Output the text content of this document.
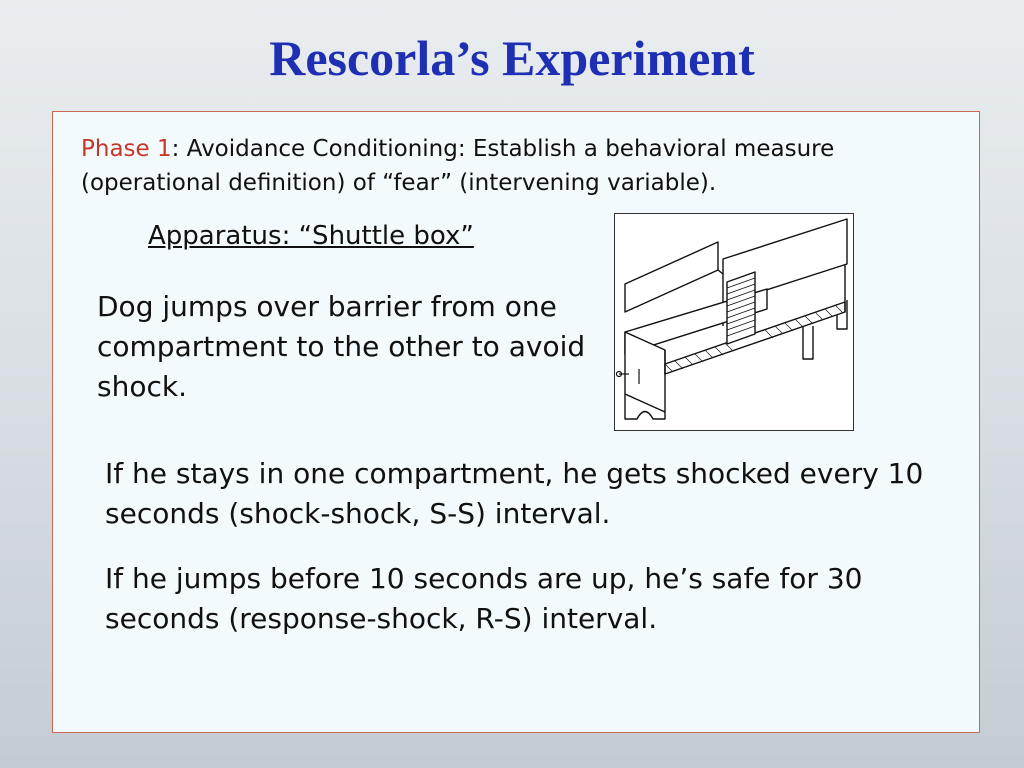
Rescorla’s Experiment

Phase 1: Avoidance Conditioning: Establish a behavioral measure (operational definition) of “fear” (intervening variable).

Apparatus: “Shuttle box”

Dog jumps over barrier from one compartment to the other to avoid shock.

If he stays in one compartment, he gets shocked every 10 seconds (shock-shock, S-S) interval.

If he jumps before 10 seconds are up, he’s safe for 30 seconds (response-shock, R-S) interval.
